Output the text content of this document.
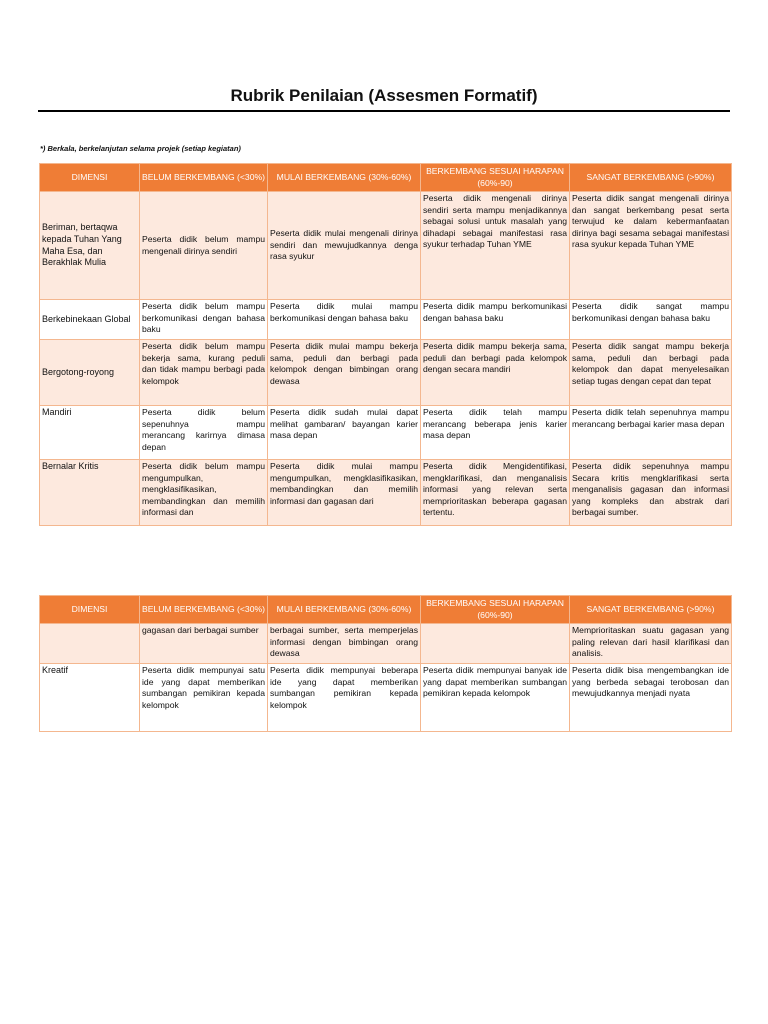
Rubrik Penilaian (Assesmen Formatif)
*) Berkala, berkelanjutan selama projek (setiap kegiatan)
DIMENSI	BELUM BERKEMBANG (<30%)	MULAI BERKEMBANG (30%-60%)	BERKEMBANG SESUAI HARAPAN (60%-90)	SANGAT BERKEMBANG (>90%)
Beriman, bertaqwa kepada Tuhan Yang Maha Esa, dan Berakhlak Mulia	Peserta didik belum mampu mengenali dirinya sendiri	Peserta didik mulai mengenali dirinya sendiri dan mewujudkannya denga rasa syukur	Peserta didik mengenali dirinya sendiri serta mampu menjadikannya sebagai solusi untuk masalah yang dihadapi sebagai manifestasi rasa syukur terhadap Tuhan YME	Peserta didik sangat mengenali dirinya dan sangat berkembang pesat serta terwujud ke dalam kebermanfaatan dirinya bagi sesama sebagai manifestasi rasa syukur kepada Tuhan YME
Berkebinekaan Global	Peserta didik belum mampu berkomunikasi dengan bahasa baku	Peserta didik mulai mampu berkomunikasi dengan bahasa baku	Peserta didik mampu berkomunikasi dengan bahasa baku	Peserta didik sangat mampu berkomunikasi dengan bahasa baku
Bergotong-royong	Peserta didik belum mampu bekerja sama, kurang peduli dan tidak mampu berbagi pada kelompok	Peserta didik mulai mampu bekerja sama, peduli dan berbagi pada kelompok dengan bimbingan orang dewasa	Peserta didik mampu bekerja sama, peduli dan berbagi pada kelompok dengan secara mandiri	Peserta didik sangat mampu bekerja sama, peduli dan berbagi pada kelompok dan dapat menyelesaikan setiap tugas dengan cepat dan tepat
Mandiri	Peserta didik belum sepenuhnya mampu merancang karirnya dimasa depan	Peserta didik sudah mulai dapat melihat gambaran/ bayangan karier masa depan	Peserta didik telah mampu merancang beberapa jenis karier masa depan	Peserta didik telah sepenuhnya mampu merancang berbagai karier masa depan
Bernalar Kritis	Peserta didik belum mampu mengumpulkan, mengklasifikasikan, membandingkan dan memilih informasi dan	Peserta didik mulai mampu mengumpulkan, mengklasifikasikan, membandingkan dan memilih informasi dan gagasan dari	Peserta didik Mengidentifikasi, mengklarifikasi, dan menganalisis informasi yang relevan serta memprioritaskan beberapa gagasan tertentu.	Peserta didik sepenuhnya mampu Secara kritis mengklarifikasi serta menganalisis gagasan dan informasi yang kompleks dan abstrak dari berbagai sumber.
DIMENSI	BELUM BERKEMBANG (<30%)	MULAI BERKEMBANG (30%-60%)	BERKEMBANG SESUAI HARAPAN (60%-90)	SANGAT BERKEMBANG (>90%)
	gagasan dari berbagai sumber	berbagai sumber, serta memperjelas informasi dengan bimbingan orang dewasa		Memprioritaskan suatu gagasan yang paling relevan dari hasil klarifikasi dan analisis.
Kreatif	Peserta didik mempunyai satu ide yang dapat memberikan sumbangan pemikiran kepada kelompok	Peserta didik mempunyai beberapa ide yang dapat memberikan sumbangan pemikiran kepada kelompok	Peserta didik mempunyai banyak ide yang dapat memberikan sumbangan pemikiran kepada kelompok	Peserta didik bisa mengembangkan ide yang berbeda sebagai terobosan dan mewujudkannya menjadi nyata
